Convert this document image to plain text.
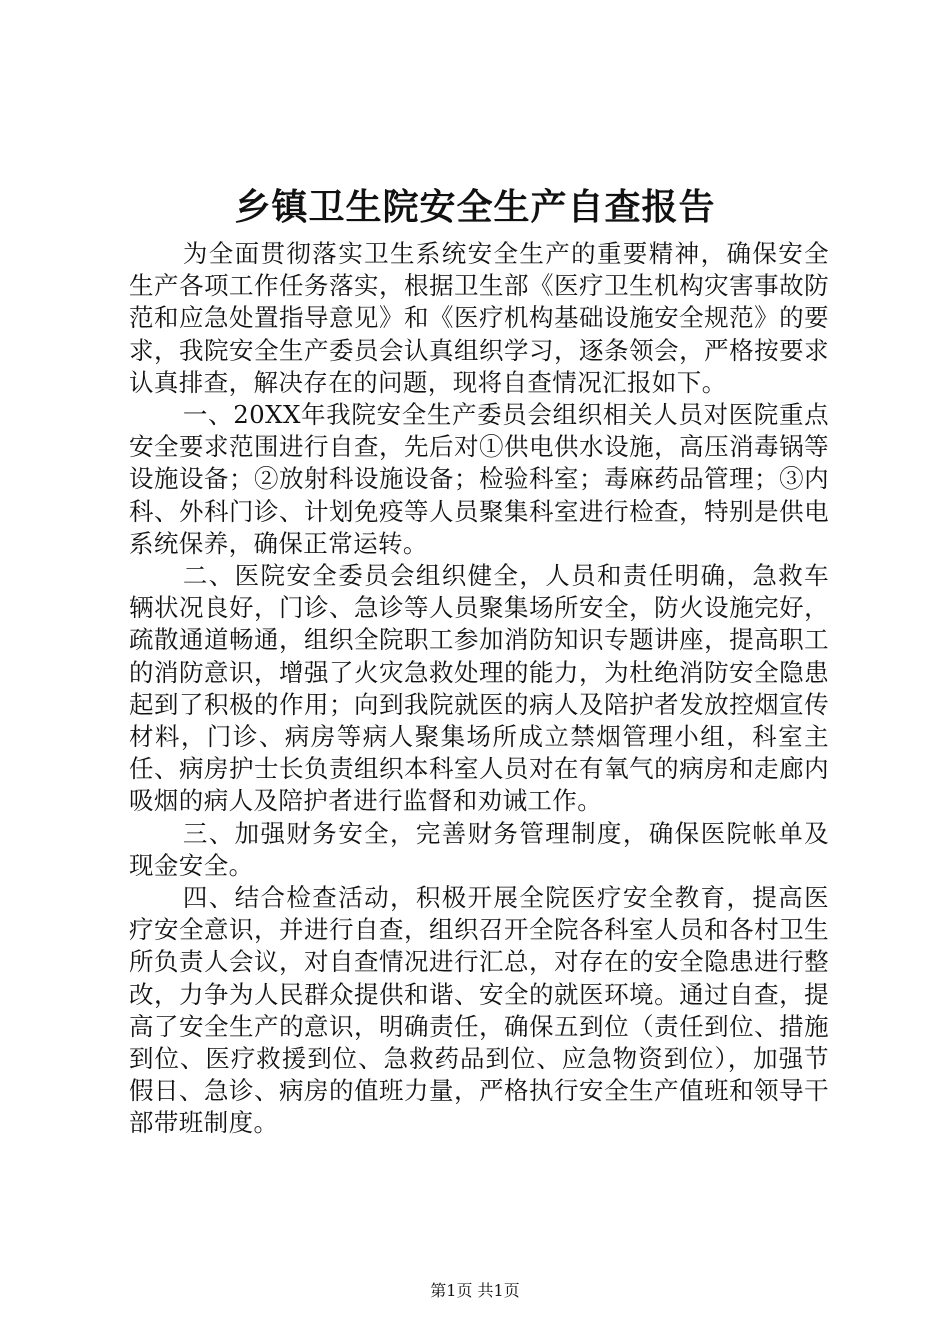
乡镇卫生院安全生产自查报告

为全面贯彻落实卫生系统安全生产的重要精神，确保安全生产各项工作任务落实，根据卫生部《医疗卫生机构灾害事故防范和应急处置指导意见》和《医疗机构基础设施安全规范》的要求，我院安全生产委员会认真组织学习，逐条领会，严格按要求认真排查，解决存在的问题，现将自查情况汇报如下。

一、20XX年我院安全生产委员会组织相关人员对医院重点安全要求范围进行自查，先后对①供电供水设施，高压消毒锅等设施设备；②放射科设施设备；检验科室；毒麻药品管理；③内科、外科门诊、计划免疫等人员聚集科室进行检查，特别是供电系统保养，确保正常运转。

二、医院安全委员会组织健全，人员和责任明确，急救车辆状况良好，门诊、急诊等人员聚集场所安全，防火设施完好，疏散通道畅通，组织全院职工参加消防知识专题讲座，提高职工的消防意识，增强了火灾急救处理的能力，为杜绝消防安全隐患起到了积极的作用；向到我院就医的病人及陪护者发放控烟宣传材料，门诊、病房等病人聚集场所成立禁烟管理小组，科室主任、病房护士长负责组织本科室人员对在有氧气的病房和走廊内吸烟的病人及陪护者进行监督和劝诫工作。

三、加强财务安全，完善财务管理制度，确保医院帐单及现金安全。

四、结合检查活动，积极开展全院医疗安全教育，提高医疗安全意识，并进行自查，组织召开全院各科室人员和各村卫生所负责人会议，对自查情况进行汇总，对存在的安全隐患进行整改，力争为人民群众提供和谐、安全的就医环境。通过自查，提高了安全生产的意识，明确责任，确保五到位（责任到位、措施到位、医疗救援到位、急救药品到位、应急物资到位），加强节假日、急诊、病房的值班力量，严格执行安全生产值班和领导干部带班制度。

第1页 共1页
